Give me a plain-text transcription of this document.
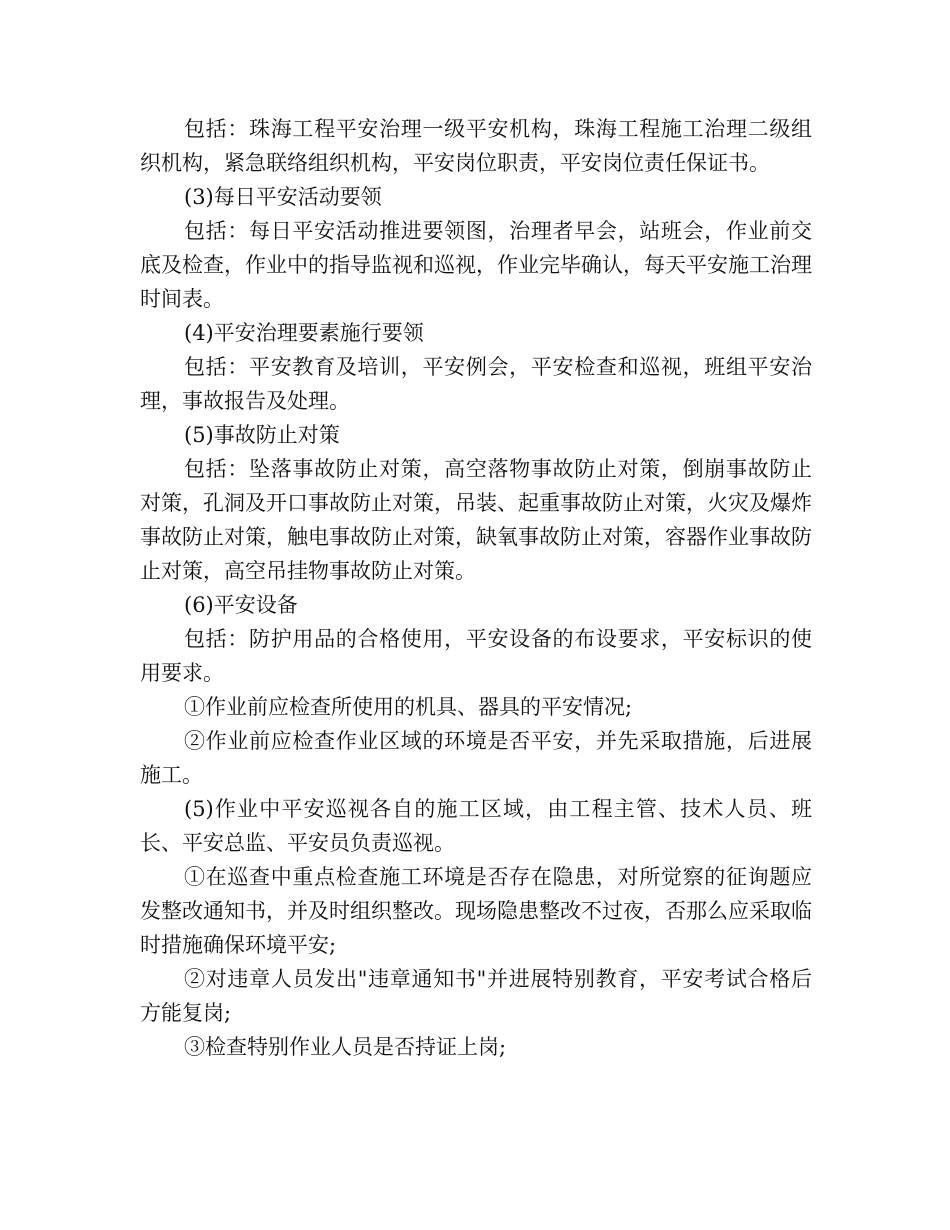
包括：珠海工程平安治理一级平安机构，珠海工程施工治理二级组织机构，紧急联络组织机构，平安岗位职责，平安岗位责任保证书。

(3)每日平安活动要领

包括：每日平安活动推进要领图，治理者早会，站班会，作业前交底及检查，作业中的指导监视和巡视，作业完毕确认，每天平安施工治理时间表。

(4)平安治理要素施行要领

包括：平安教育及培训，平安例会，平安检查和巡视，班组平安治理，事故报告及处理。

(5)事故防止对策

包括：坠落事故防止对策，高空落物事故防止对策，倒崩事故防止对策，孔洞及开口事故防止对策，吊装、起重事故防止对策，火灾及爆炸事故防止对策，触电事故防止对策，缺氧事故防止对策，容器作业事故防止对策，高空吊挂物事故防止对策。

(6)平安设备

包括：防护用品的合格使用，平安设备的布设要求，平安标识的使用要求。

①作业前应检查所使用的机具、器具的平安情况;

②作业前应检查作业区域的环境是否平安，并先采取措施，后进展施工。

(5)作业中平安巡视各自的施工区域，由工程主管、技术人员、班长、平安总监、平安员负责巡视。

①在巡查中重点检查施工环境是否存在隐患，对所觉察的征询题应发整改通知书，并及时组织整改。现场隐患整改不过夜，否那么应采取临时措施确保环境平安;

②对违章人员发出"违章通知书"并进展特别教育，平安考试合格后方能复岗;

③检查特别作业人员是否持证上岗;
